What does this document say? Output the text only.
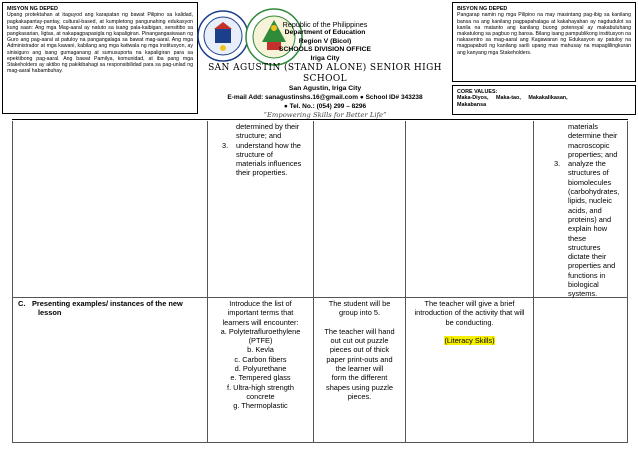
MISYON NG DEPED
Upang protektahan at itaguyod ang karapatan ng bawat Pilipino sa kalidad, pagkakapantay-pantay, cultural-based, at kumpletong pangunahing edukasyon kung saan: Ang mga Mag-aaral ay natuto sa isang pala-kaibigan, sensitibo sa pangkasarian, ligtas, at nakapagpapasigla ng kapaligiran. Pinangangasiwaan ng Guro ang pag-aaral at patuloy na pangangalaga sa bawat mag-aaral. Ang mga Administrador at mga kawani, kabilang ang mga katiwala ng mga institusyon, ay sinisiguro ang isang gumaganang at sumusuporta na kapaligiran para sa epektibong pag-aaral. Ang bawat Pamilya, komunidad, at iba pang mga Stakeholders ay aktibo ng pakikibahagi sa responsibilidad para sa pag-unlad ng mag-aaral habambuhay.
Republic of the Philippines
Department of Education
Region V (Bicol)
SCHOOLS DIVISION OFFICE
Iriga City
SAN AGUSTIN (STAND ALONE) SENIOR HIGH SCHOOL
San Agustin, Iriga City
E-mail Add: sanagustinshs.16@gmail.com ● School ID# 343238
● Tel. No.: (054) 299 – 8296
“Empowering Skills for Better Life”
BISYON NG DEPED
Pangarap namin ng mga Pilipino na may masintang pag-ibig sa kanilang bansa na ang kanilang pagpapahalaga at kakahayahan ay nagdudulot sa kanila na matanto ang kanilang buong potensyal ay makabuluhang makatulong sa pagbuo ng bansa. Bilang isang pampublikong institusyon na nakasentro sa mag-aaral ang Kagawaran ng Edukasyon ay patuloy na magpapabuti ng kanilang sarili upang mas mahusay na mapaglilingkuran ang kanyang mga Stakeholders.
CORE VALUES:
Maka-Diyos, Maka-tao, Makakalikasan,
Makabansa
determined by their
structure; and
3.	understand how the
structure of
materials influences
their properties.
materials
determine their
macroscopic
properties; and
3.	analyze the
structures of
biomolecules
(carbohydrates,
lipids, nucleic
acids, and
proteins) and
explain how
these
structures
dictate their
properties and
functions in
biological
systems.
C. Presenting examples/ instances of the new
lesson
Introduce the list of
important terms that
learners will encounter:
a. Polytetrafluroethylene
(PTFE)
b. Kevla
c. Carbon fibers
d. Polyurethane
e. Tempered glass
f. Ultra-high strength
concrete
g. Thermoplastic
The student will be
group into 5.
The teacher will hand
out cut out puzzle
pieces out of thick
paper print-outs and
the learner will
form the different
shapes using puzzle
pieces.
The teacher will give a brief
introduction of the activity that will
be conducting.
(Literacy Skills)
